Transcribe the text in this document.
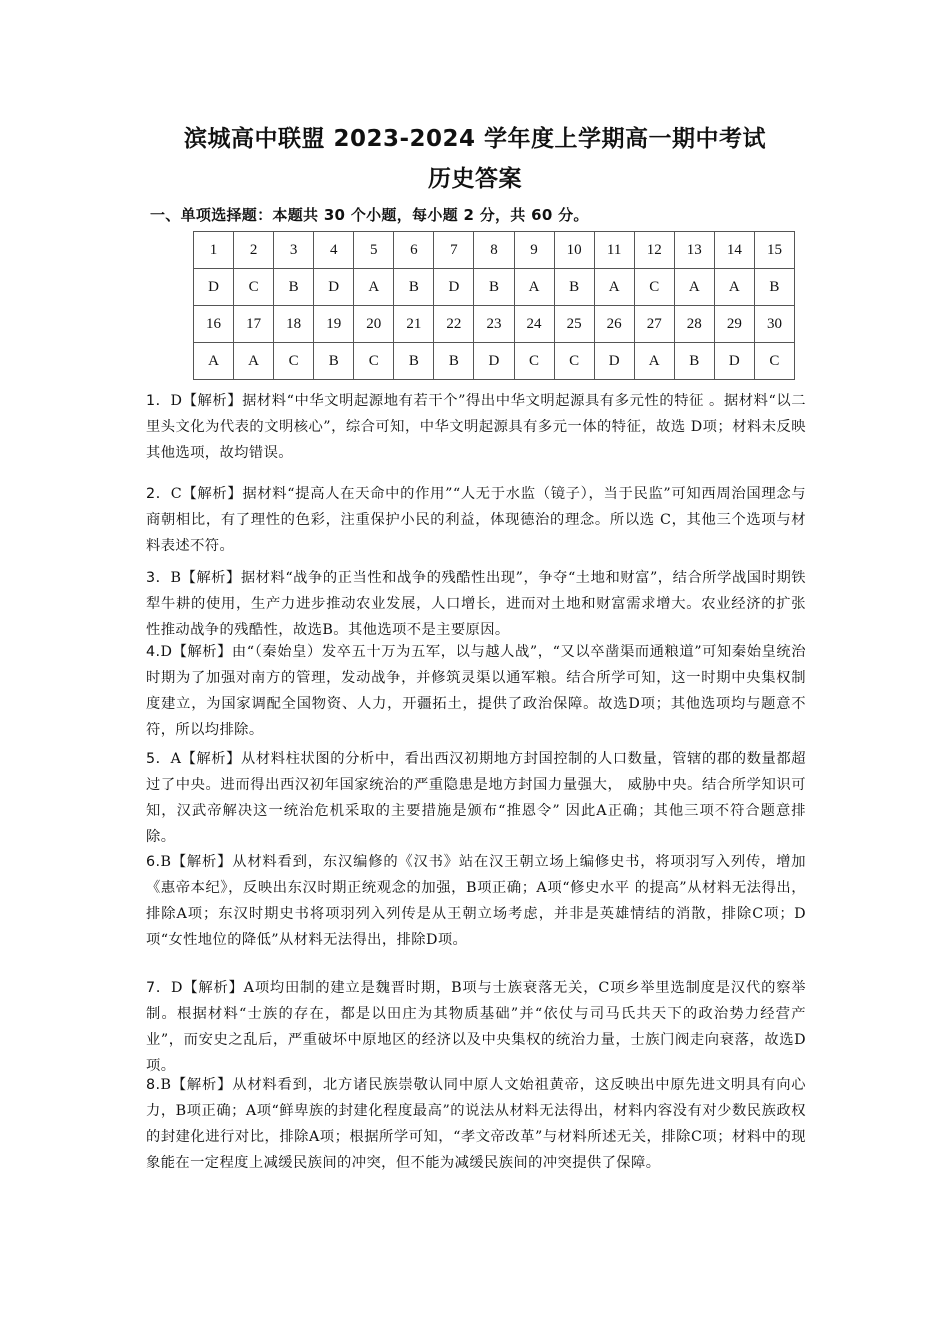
滨城高中联盟 2023-2024 学年度上学期高一期中考试
历史答案
一、单项选择题：本题共 30 个小题，每小题 2 分，共 60 分。
1	2	3	4	5	6	7	8	9	10	11	12	13	14	15
D	C	B	D	A	B	D	B	A	B	A	C	A	A	B
16	17	18	19	20	21	22	23	24	25	26	27	28	29	30
A	A	C	B	C	B	B	D	C	C	D	A	B	D	C
1．D【解析】据材料“中华文明起源地有若干个”得出中华文明起源具有多元性的特征 。据材料“以二里头文化为代表的文明核心”，综合可知，中华文明起源具有多元一体的特征，故选 D项；材料未反映其他选项，故均错误。
2．C【解析】据材料“提高人在天命中的作用”“人无于水监（镜子），当于民监”可知西周治国理念与商朝相比，有了理性的色彩，注重保护小民的利益，体现德治的理念。所以选 C，其他三个选项与材料表述不符。
3．B【解析】据材料“战争的正当性和战争的残酷性出现”，争夺“土地和财富”，结合所学战国时期铁犁牛耕的使用，生产力进步推动农业发展，人口增长，进而对土地和财富需求增大。农业经济的扩张性推动战争的残酷性，故选B。其他选项不是主要原因。
4.D【解析】由“（秦始皇）发卒五十万为五军，以与越人战”，“又以卒凿渠而通粮道”可知秦始皇统治时期为了加强对南方的管理，发动战争，并修筑灵渠以通军粮。结合所学可知，这一时期中央集权制度建立，为国家调配全国物资、人力，开疆拓土，提供了政治保障。故选D项；其他选项均与题意不符，所以均排除。
5．A【解析】从材料柱状图的分析中，看出西汉初期地方封国控制的人口数量，管辖的郡的数量都超过了中央。进而得出西汉初年国家统治的严重隐患是地方封国力量强大， 威胁中央。结合所学知识可知，汉武帝解决这一统治危机采取的主要措施是颁布“推恩令” 因此A正确；其他三项不符合题意排除。
6.B【解析】从材料看到，东汉编修的《汉书》站在汉王朝立场上编修史书，将项羽写入列传，增加《惠帝本纪》，反映出东汉时期正统观念的加强，B项正确；A项“修史水平 的提高”从材料无法得出，排除A项；东汉时期史书将项羽列入列传是从王朝立场考虑，并非是英雄情结的消散，排除C项；D项“女性地位的降低”从材料无法得出，排除D项。
7．D【解析】A项均田制的建立是魏晋时期，B项与士族衰落无关，C项乡举里选制度是汉代的察举制。根据材料“士族的存在，都是以田庄为其物质基础”并“依仗与司马氏共天下的政治势力经营产业”，而安史之乱后，严重破坏中原地区的经济以及中央集权的统治力量，士族门阀走向衰落，故选D项。
8.B【解析】从材料看到，北方诸民族崇敬认同中原人文始祖黄帝，这反映出中原先进文明具有向心力，B项正确；A项“鲜卑族的封建化程度最高”的说法从材料无法得出，材料内容没有对少数民族政权的封建化进行对比，排除A项；根据所学可知，“孝文帝改革”与材料所述无关，排除C项；材料中的现象能在一定程度上减缓民族间的冲突，但不能为减缓民族间的冲突提供了保障。
